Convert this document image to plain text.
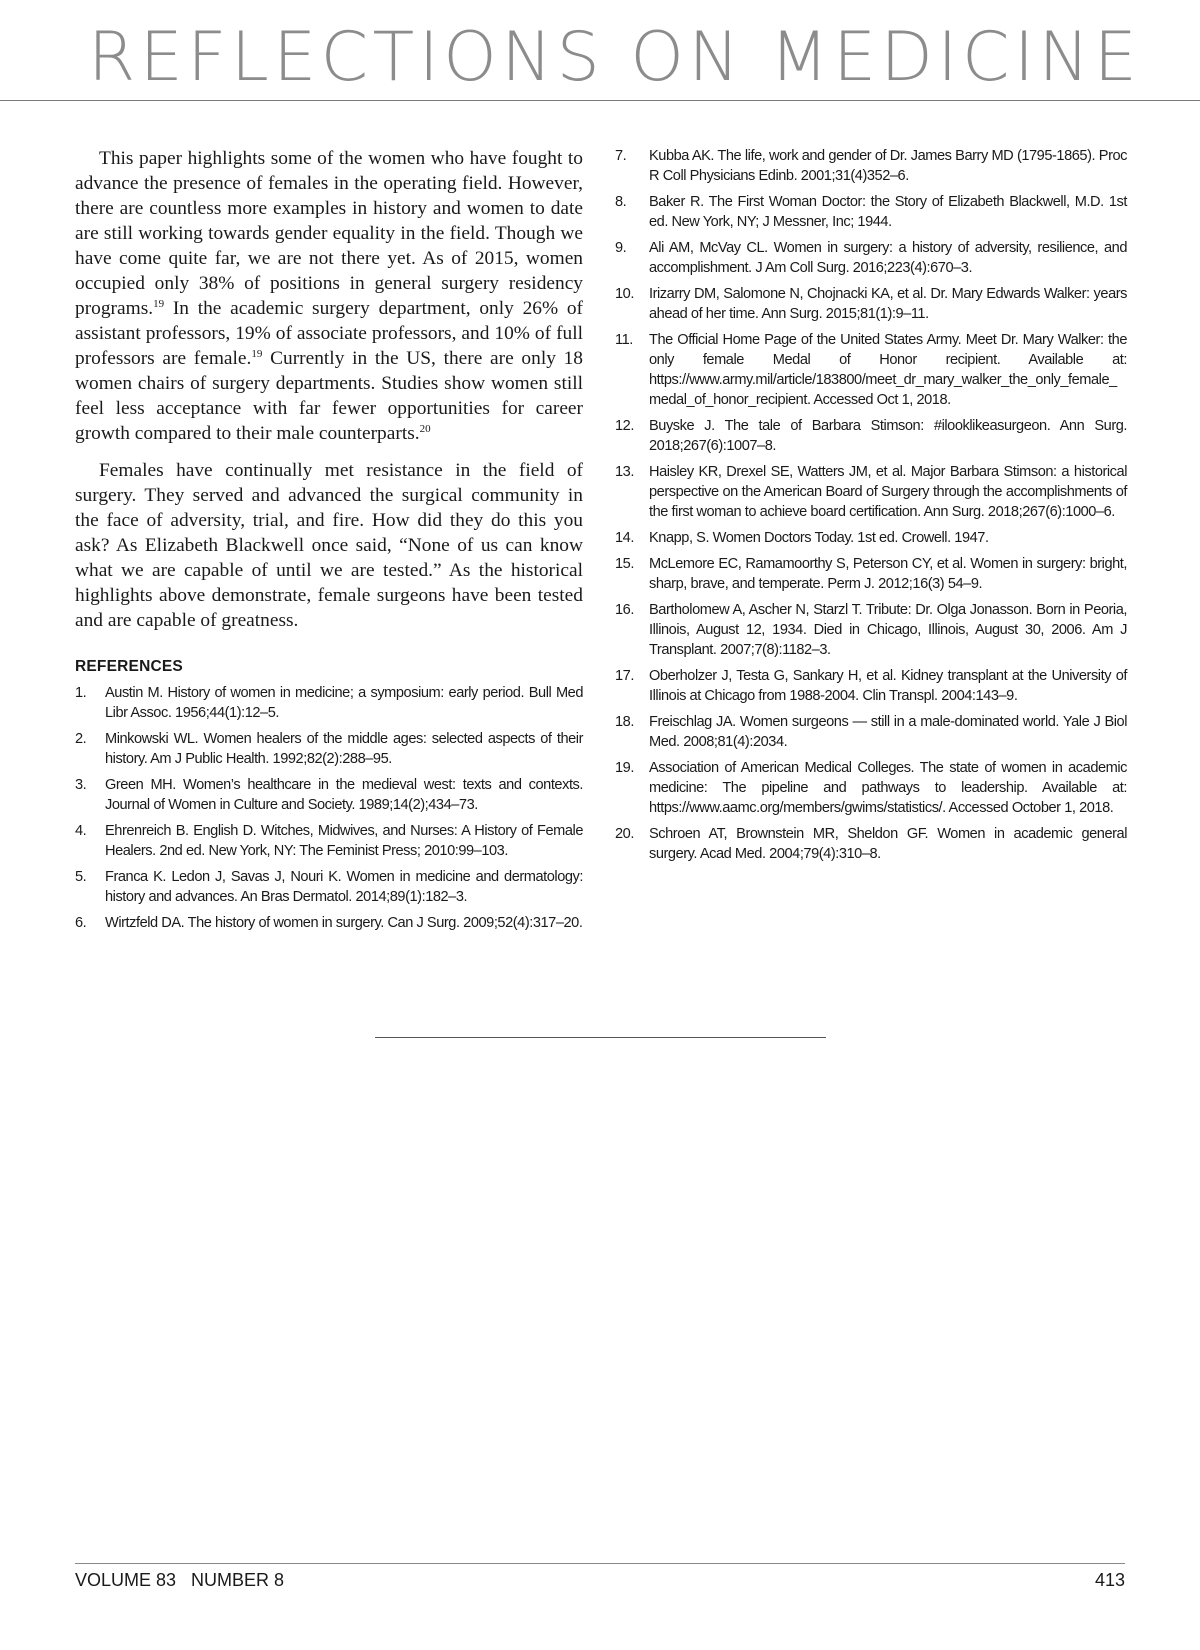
REFLECTIONS ON MEDICINE

This paper highlights some of the women who have fought to advance the presence of females in the operating field. However, there are countless more examples in history and women to date are still working towards gender equality in the field. Though we have come quite far, we are not there yet. As of 2015, women occupied only 38% of positions in general surgery residency programs.$^{19}$ In the academic surgery department, only 26% of assistant professors, 19% of associate professors, and 10% of full professors are female.$^{19}$ Currently in the US, there are only 18 women chairs of surgery departments. Studies show women still feel less acceptance with far fewer opportunities for career growth compared to their male counterparts.$^{20}$

Females have continually met resistance in the field of surgery. They served and advanced the surgical community in the face of adversity, trial, and fire. How did they do this you ask? As Elizabeth Blackwell once said, “None of us can know what we are capable of until we are tested.” As the historical highlights above demonstrate, female surgeons have been tested and are capable of greatness.

REFERENCES
1. Austin M. History of women in medicine; a symposium: early period. Bull Med Libr Assoc. 1956;44(1):12–5.
2. Minkowski WL. Women healers of the middle ages: selected aspects of their history. Am J Public Health. 1992;82(2):288–95.
3. Green MH. Women’s healthcare in the medieval west: texts and contexts. Journal of Women in Culture and Society. 1989;14(2);434–73.
4. Ehrenreich B. English D. Witches, Midwives, and Nurses: A History of Female Healers. 2nd ed. New York, NY: The Feminist Press; 2010:99–103.
5. Franca K. Ledon J, Savas J, Nouri K. Women in medicine and dermatology: history and advances. An Bras Dermatol. 2014;89(1):182–3.
6. Wirtzfeld DA. The history of women in surgery. Can J Surg. 2009;52(4):317–20.
7. Kubba AK. The life, work and gender of Dr. James Barry MD (1795-1865). Proc R Coll Physicians Edinb. 2001;31(4)352–6.
8. Baker R. The First Woman Doctor: the Story of Elizabeth Blackwell, M.D. 1st ed. New York, NY; J Messner, Inc; 1944.
9. Ali AM, McVay CL. Women in surgery: a history of adversity, resilience, and accomplishment. J Am Coll Surg. 2016;223(4):670–3.
10. Irizarry DM, Salomone N, Chojnacki KA, et al. Dr. Mary Edwards Walker: years ahead of her time. Ann Surg. 2015;81(1):9–11.
11. The Official Home Page of the United States Army. Meet Dr. Mary Walker: the only female Medal of Honor recipient. Available at: https://www.army.mil/article/183800/meet_dr_mary_walker_the_only_female_medal_of_honor_recipient. Accessed Oct 1, 2018.
12. Buyske J. The tale of Barbara Stimson: #ilooklikeasurgeon. Ann Surg. 2018;267(6):1007–8.
13. Haisley KR, Drexel SE, Watters JM, et al. Major Barbara Stimson: a historical perspective on the American Board of Surgery through the accomplishments of the first woman to achieve board certification. Ann Surg. 2018;267(6):1000–6.
14. Knapp, S. Women Doctors Today. 1st ed. Crowell. 1947.
15. McLemore EC, Ramamoorthy S, Peterson CY, et al. Women in surgery: bright, sharp, brave, and temperate. Perm J. 2012;16(3) 54–9.
16. Bartholomew A, Ascher N, Starzl T. Tribute: Dr. Olga Jonasson. Born in Peoria, Illinois, August 12, 1934. Died in Chicago, Illinois, August 30, 2006. Am J Transplant. 2007;7(8):1182–3.
17. Oberholzer J, Testa G, Sankary H, et al. Kidney transplant at the University of Illinois at Chicago from 1988-2004. Clin Transpl. 2004:143–9.
18. Freischlag JA. Women surgeons — still in a male-dominated world. Yale J Biol Med. 2008;81(4):2034.
19. Association of American Medical Colleges. The state of women in academic medicine: The pipeline and pathways to leadership. Available at: https://www.aamc.org/members/gwims/statistics/. Accessed October 1, 2018.
20. Schroen AT, Brownstein MR, Sheldon GF. Women in academic general surgery. Acad Med. 2004;79(4):310–8.
VOLUME 83   NUMBER 8	413
